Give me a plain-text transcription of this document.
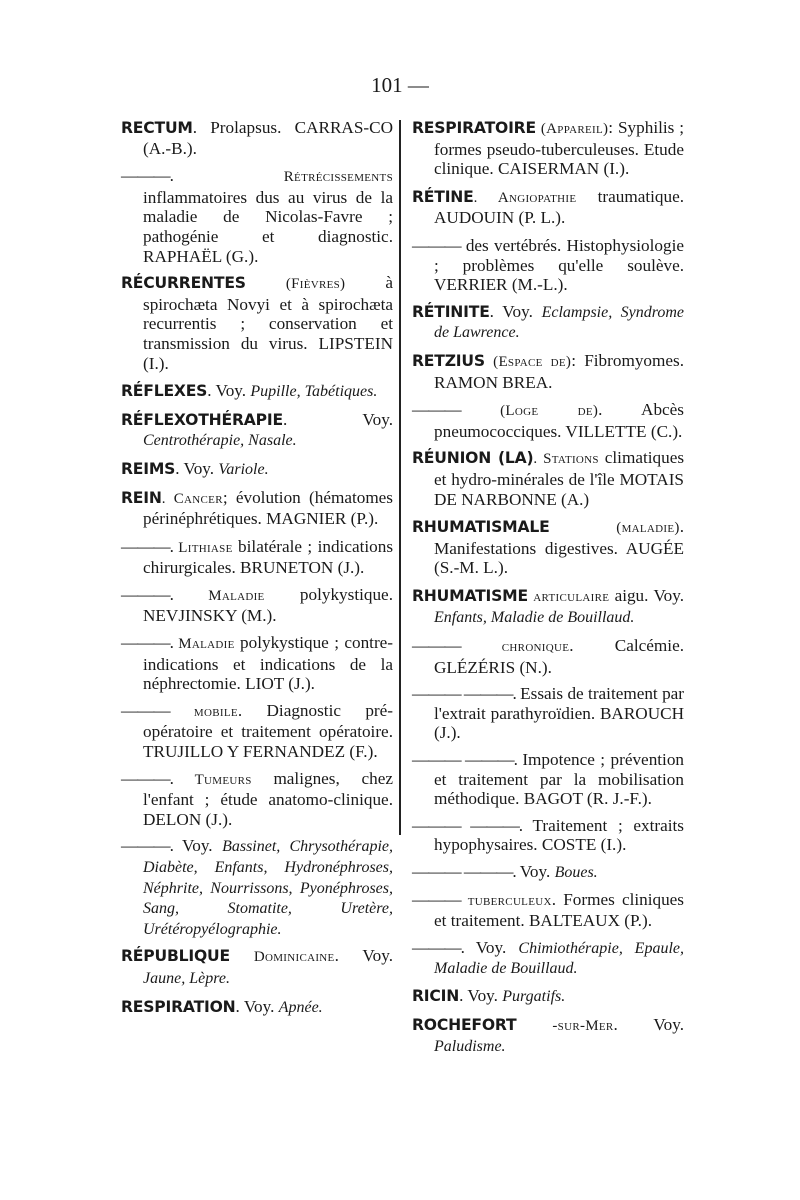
101 —

RECTUM. Prolapsus. CARRAS-CO (A.-B.).

———.	Rétrécissements inflammatoires dus au virus de la maladie de Nicolas-Favre ; pathogénie et diagnostic. RAPHAËL (G.).

RÉCURRENTES	(Fièvres) à spirochæta Novyi et à spirochæta recurrentis ; conservation et transmission du virus. LIPSTEIN (I.).

RÉFLEXES. Voy. Pupille, Tabétiques.

RÉFLEXOTHÉRAPIE. Voy. Centrothérapie, Nasale.

REIMS. Voy. Variole.

REIN. Cancer; évolution (hématomes périnéphrétiques. MAGNIER (P.).

———. Lithiase bilatérale ; indications chirurgicales. BRUNETON (J.).

———. Maladie polykystique. NEVJINSKY (M.).

———. Maladie polykystique ; contre-indications et indications de la néphrectomie. LIOT (J.).

——— mobile. Diagnostic pré-opératoire et traitement opératoire. TRUJILLO Y FERNANDEZ (F.).

———. Tumeurs malignes, chez l'enfant ; étude anatomo-clinique. DELON (J.).

———. Voy. Bassinet, Chrysothérapie, Diabète, Enfants, Hydronéphroses, Néphrite, Nourrissons, Pyonéphroses, Sang, Stomatite, Uretère, Urétéropyélographie.

RÉPUBLIQUE Dominicaine. Voy. Jaune, Lèpre.

RESPIRATION. Voy. Apnée.

RESPIRATOIRE (Appareil): Syphilis ; formes pseudo-tuberculeuses. Etude clinique. CAISERMAN (I.).

RÉTINE. Angiopathie traumatique. AUDOUIN (P. L.).

——— des vertébrés. Histophysiologie ; problèmes qu'elle soulève. VERRIER (M.-L.).

RÉTINITE. Voy. Eclampsie, Syndrome de Lawrence.

RETZIUS (Espace de): Fibromyomes. RAMON BREA.

———	(Loge de). Abcès pneumococciques. VILLETTE (C.).

RÉUNION (LA). Stations climatiques et hydro-minérales de l'île MOTAIS DE NARBONNE (A.)

RHUMATISMALE	(maladie). Manifestations digestives. AUGÉE (S.-M. L.).

RHUMATISME articulaire aigu. Voy. Enfants, Maladie de Bouillaud.

———	chronique. Calcémie. GLÉZÉRIS (N.).

——— ———. Essais de traitement par l'extrait parathyroïdien. BAROUCH (J.).

——— ———. Impotence ; prévention et traitement par la mobilisation méthodique. BAGOT (R. J.-F.).

——— ———. Traitement ; extraits hypophysaires. COSTE (I.).

——— ———. Voy. Boues.

——— tuberculeux. Formes cliniques et traitement. BALTEAUX (P.).

———. Voy. Chimiothérapie, Epaule, Maladie de Bouillaud.

RICIN. Voy. Purgatifs.

ROCHEFORT -sur-Mer. Voy. Paludisme.
